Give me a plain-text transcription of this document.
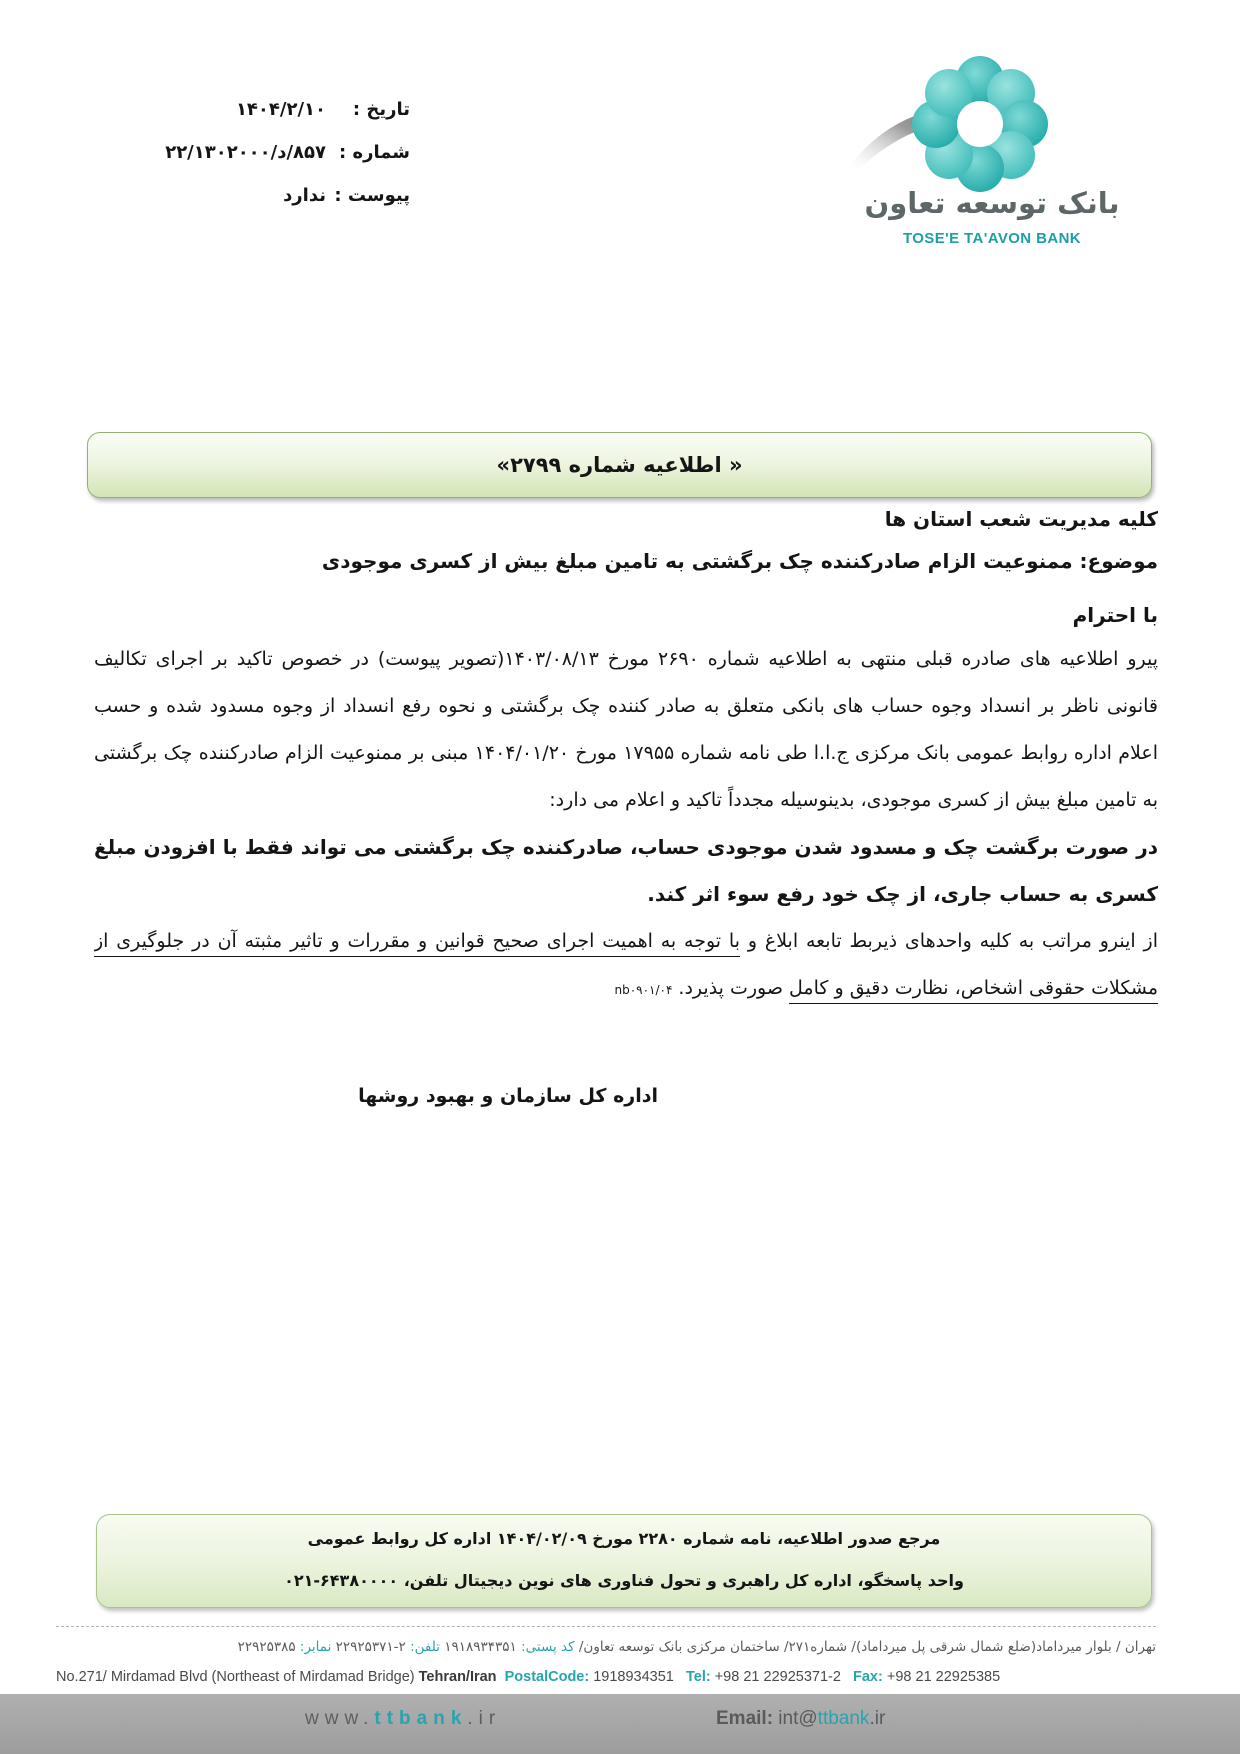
بانک توسعه تعاون
TOSE'E TA'AVON BANK
تاریخ :
۱۴۰۴/۲/۱۰
شماره :
۲۲/۱۳۰۲۰۰۰/د/۸۵۷
پیوست :
ندارد
« اطلاعیه شماره ۲۷۹۹»
کلیه مدیریت شعب استان ها
موضوع: ممنوعیت الزام صادرکننده چک برگشتی به تامین مبلغ بیش از کسری موجودی
با احترام

پیرو اطلاعیه های صادره قبلی منتهی به اطلاعیه شماره ۲۶۹۰ مورخ ۱۴۰۳/۰۸/۱۳(تصویر پیوست) در خصوص تاکید بر اجرای تکالیف قانونی ناظر بر انسداد وجوه حساب های بانکی متعلق به صادر کننده چک برگشتی و نحوه رفع انسداد از وجوه مسدود شده و حسب اعلام اداره روابط عمومی بانک مرکزی ج.ا.ا طی نامه شماره ۱۷۹۵۵ مورخ ۱۴۰۴/۰۱/۲۰ مبنی بر ممنوعیت الزام صادرکننده چک برگشتی به تامین مبلغ بیش از کسری موجودی، بدینوسیله مجدداً تاکید و اعلام می دارد:

در صورت برگشت چک و مسدود شدن موجودی حساب، صادرکننده چک برگشتی می تواند فقط با افزودن مبلغ کسری به حساب جاری، از چک خود رفع سوء اثر کند.

از اینرو مراتب به کلیه واحدهای ذیربط تابعه ابلاغ و با توجه به اهمیت اجرای صحیح قوانین و مقررات و تاثیر مثبته آن در جلوگیری از مشکلات حقوقی اشخاص، نظارت دقیق و کامل صورت پذیرد.nb۰۹۰۱/۰۴

اداره کل سازمان و بهبود روشها
مرجع صدور اطلاعیه، نامه شماره ۲۲۸۰ مورخ ۱۴۰۴/۰۲/۰۹ اداره کل روابط عمومی
واحد پاسخگو، اداره کل راهبری و تحول فناوری های نوین دیجیتال تلفن، ۰۲۱-۶۴۳۸۰۰۰۰
تهران / بلوار میرداماد(ضلع شمال شرقی پل میرداماد)/ شماره۲۷۱/ ساختمان مرکزی بانک توسعه تعاون/ کد پستی: ۱۹۱۸۹۳۴۳۵۱ تلفن: ۲۲۹۲۵۳۷۱-۲ نمابر: ۲۲۹۲۵۳۸۵
No.271/ Mirdamad Blvd (Northeast of Mirdamad Bridge) Tehran/Iran PostalCode: 1918934351 Tel: +98 21 22925371-2 Fax: +98 21 22925385
www.ttbank.ir	Email: int@ttbank.ir
